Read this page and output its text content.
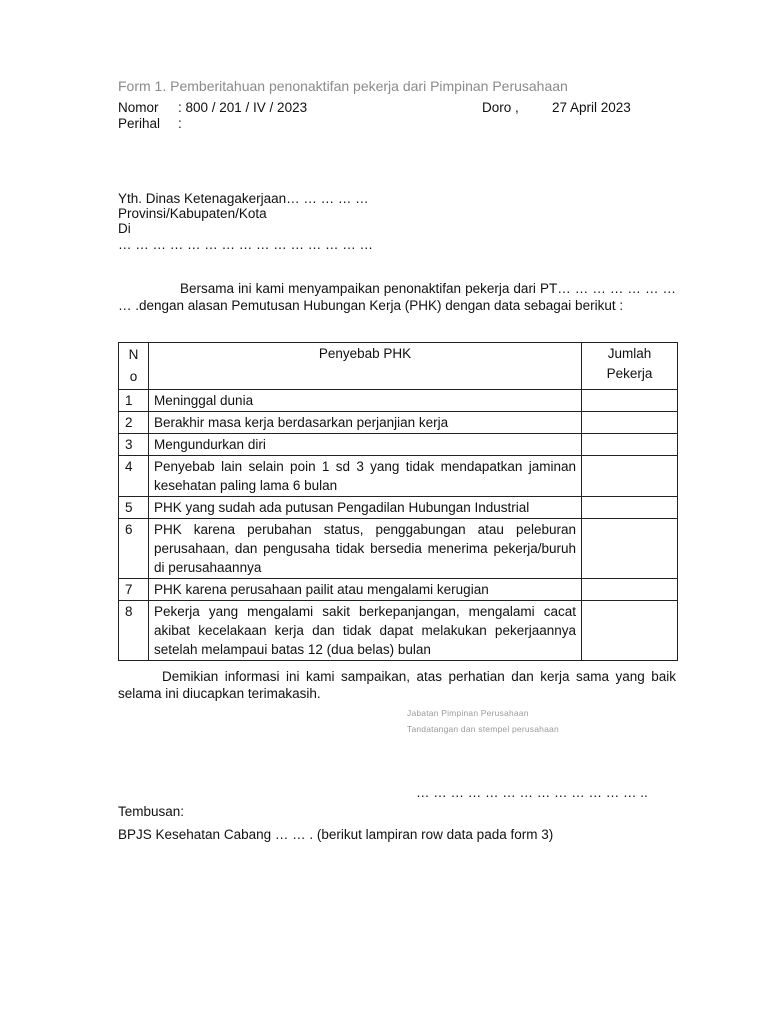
Form 1. Pemberitahuan penonaktifan pekerja dari Pimpinan Perusahaan
Nomor : 800 / 201 / IV / 2023	Doro , 27 April 2023
Perihal :
Yth. Dinas Ketenagakerjaan… … … … …
Provinsi/Kabupaten/Kota
Di
… … … … … … … … … … … … … … …
Bersama ini kami menyampaikan penonaktifan pekerja dari PT… … … … … … … … .dengan alasan Pemutusan Hubungan Kerja (PHK) dengan data sebagai berikut :
No	Penyebab PHK	Jumlah Pekerja
1	Meninggal dunia	
2	Berakhir masa kerja berdasarkan perjanjian kerja	
3	Mengundurkan diri	
4	Penyebab lain selain poin 1 sd 3 yang tidak mendapatkan jaminan kesehatan paling lama 6 bulan	
5	PHK yang sudah ada putusan Pengadilan Hubungan Industrial	
6	PHK karena perubahan status, penggabungan atau peleburan perusahaan, dan pengusaha tidak bersedia menerima pekerja/buruh di perusahaannya	
7	PHK karena perusahaan pailit atau mengalami kerugian	
8	Pekerja yang mengalami sakit berkepanjangan, mengalami cacat akibat kecelakaan kerja dan tidak dapat melakukan pekerjaannya setelah melampaui batas 12 (dua belas) bulan	
Demikian informasi ini kami sampaikan, atas perhatian dan kerja sama yang baik selama ini diucapkan terimakasih.
Jabatan Pimpinan Perusahaan
Tandatangan dan stempel perusahaan
… … … … … … … … … … … … … ..
Tembusan:
BPJS Kesehatan Cabang … … . (berikut lampiran row data pada form 3)
